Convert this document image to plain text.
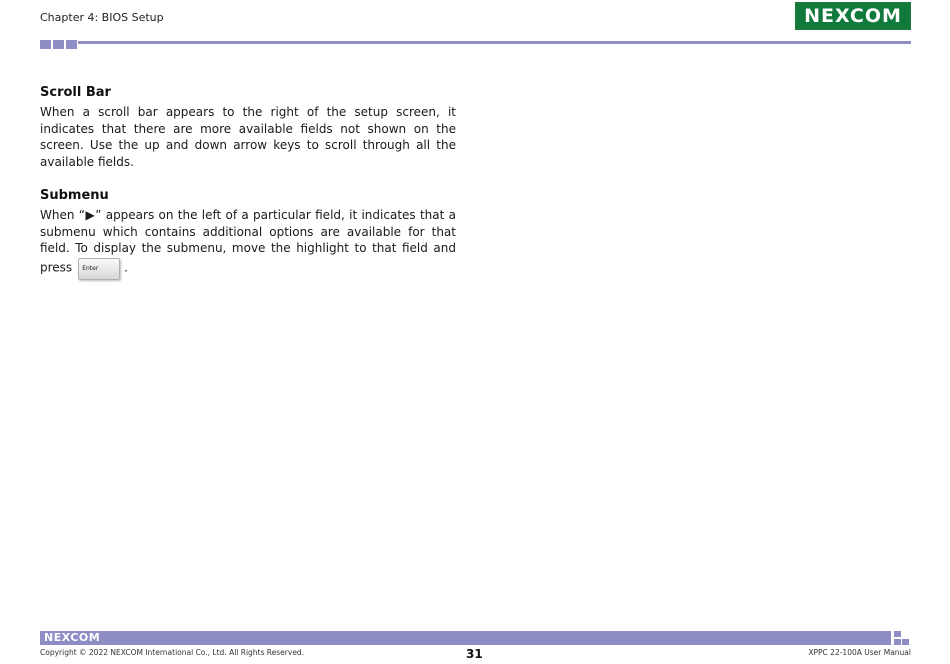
Chapter 4: BIOS Setup	NEXCOM
Scroll Bar

When a scroll bar appears to the right of the setup screen, it indicates that there are more available fields not shown on the screen. Use the up and down arrow keys to scroll through all the available fields.

Submenu

When “▶” appears on the left of a particular field, it indicates that a submenu which contains additional options are available for that field. To display the submenu, move the highlight to that field and press Enter .

NEXCOM
Copyright © 2022 NEXCOM International Co., Ltd. All Rights Reserved.	31	XPPC 22-100A User Manual
